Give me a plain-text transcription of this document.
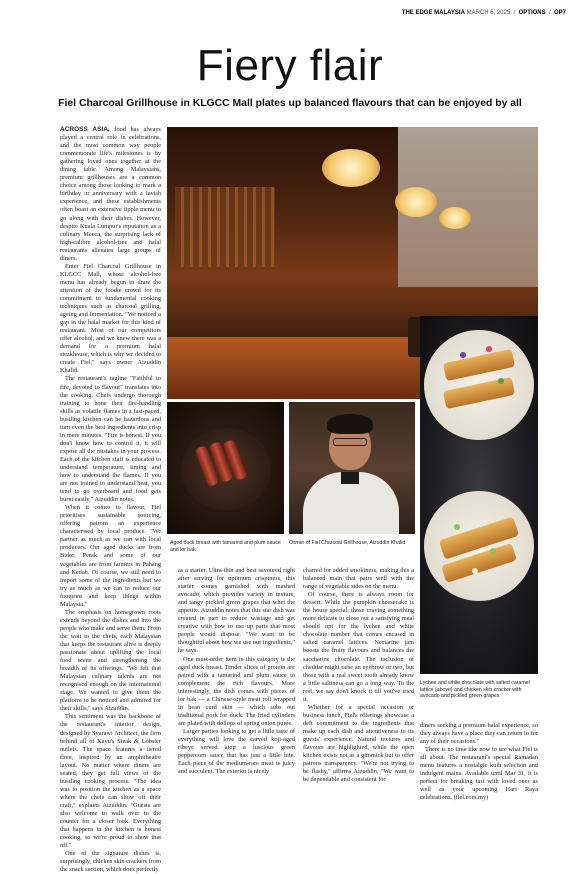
THE EDGE MALAYSIA MARCH 6, 2025  /  OPTIONS  /  OP7
Fiery flair
Fiel Charcoal Grillhouse in KLGCC Mall plates up balanced flavours that can be enjoyed by all

ACROSS ASIA, food has always played a central role in celebrations, and the most common way people commemorate life's milestones is by gathering loved ones together at the dining table. Among Malaysians, premium grillhouses are a common choice among those looking to mark a birthday or anniversary with a lavish experience, and these establishments often boast an extensive tipple menu to go along with their dishes. However, despite Kuala Lumpur's reputation as a culinary Mecca, the surprising lack of high-calibre alcohol-free and halal restaurants alienates large groups of diners.

Enter Fiel Charcoal Grillhouse in KLGCC Mall, whose alcohol-free menu has already begun to draw the attention of the foodie crowd for its commitment to fundamental cooking techniques such as charcoal grilling, ageing and fermentation. "We noticed a gap in the halal market for this kind of restaurant. Most of our competitors offer alcohol, and we knew there was a demand for a premium halal steakhouse, which is why we decided to create Fiel," says owner Aizuddin Khalid.

The restaurant's tagline "Faithful to fire, devoted to flavour" translates into the cooking. Chefs undergo thorough training to hone their fire-handling skills as volatile flames in a fast-paced, bustling kitchen can be hazardous and turn even the best ingredients into crisp in mere minutes. "Fire is honest. If you don't know how to control it, it will expose all the mistakes in your process. Each of the kitchen staff is educated to understand temperature, timing and how to understand the flames. If you are not trained to understand heat, you tend to go overboard and food gets burnt easily," Aizuddin notes.

When it comes to flavour, Fiel prioritises sustainable sourcing, offering patrons an experience characterised by local produce. "We partner as much as we can with local producers. Our aged ducks are from Bidor, Perak and some of our vegetables are from farmers in Pahang and Kedah. Of course, we still need to import some of the ingredients but we try as much as we can to reduce our footprint and keep things within Malaysia."

The emphasis on homegrown roots extends beyond the dishes and into the people who make and serve them. From the wait to the chefs, each Malaysian that keeps the restaurant alive is deeply passionate about uplifting the local food scene and strengthening the breadth of its offerings. "We felt that Malaysian culinary talents are not recognised enough on the international stage. We wanted to give them the platform to be noticed and admired for their skills," says Aizuddin.

This sentiment was the backbone of the restaurant's interior design, designed by Syarawi Architect, the firm behind all of Kayu's Steak & Lobster outlets. The space features a tiered floor, inspired by an amphitheatre layout. No matter where diners are seated, they get full views of the bustling cooking process. "The idea was to position the kitchen as a space where the chefs can show off their craft," explains Aizuddin. "Guests are also welcome to walk over to the counter for a closer look. Everything that happens in the kitchen is honest cooking, so we're proud to show that off."

One of the signature dishes is, surprisingly, chicken skin crackers from the snack section, which does perfectly

Aged duck breast with tamarind and plum sauce and lor bak
Owner of Fiel Charcoal Grillhouse, Aizuddin Khalid
Lychee and white chocolate with salted caramel lattice (above) and chicken skin cracker with avocado and pickled green grapes

as a starter. Ultra-thin and best savoured right after serving for optimum crispiness, this starter comes garnished with mashed avocado, which provides variety in texture, and tangy pickled green grapes that whet the appetite. Aizuddin notes that this star dish was created in part to reduce wastage and get creative with how to use up parts that most people would dispose. "We want to be thoughtful about how we use our ingredients," he says.

One must-order item in this category is the aged duck breast. Tender slices of protein are paired with a tamarind and plum sauce to complement the rich flavours. More interestingly, the dish comes with pieces of lor bak — a Chinese-style meat roll wrapped in bean curd skin — which subs out traditional pork for duck. The fried cylinders are plated with dollops of spring onion purée.

Larger parties looking to get a little taste of everything will love the carved koji-aged ribeye served atop a luscious green peppercorn sauce that has just a little bite. Each piece of the medium-rare meat is juicy and succulent. The exterior is nicely

charred for added smokiness, making this a balanced main that pairs well with the range of vegetable sides on the menu.

Of course, there is always room for dessert. While the pumpkin cheesecake is the house special, those craving something more delicate to close out a satisfying meal should opt for the lychee and white chocolate number that comes encased in salted caramel lattices. Nectarine jam boosts the fruity flavours and balances the saccharine chocolate. The inclusion of cheddar might raise an eyebrow or two, but those with a real sweet tooth already know a little saltiness can go a long way. To the rest, we say don't knock it till you've tried it.

Whether for a special occasion or business lunch, Fiel's offerings showcase a deft commitment to the ingredients that make up each dish and attentiveness to its guests' experience. Natural textures and flavours are highlighted, while the open kitchen exists not as a gimmick but to offer patrons transparency. "We're not trying to be flashy," affirms Aizuddin. "We want to be dependable and consistent for

diners seeking a premium halal experience, so they always have a place they can return to for any of their occasions."

There is no time like now to see what Fiel is all about. The restaurant's special Ramadan menu features a nostalgic kuih selection and indulgent mains. Available until Mar 31, it is perfect for breaking fast with loved ones as well as your upcoming Hari Raya celebrations. (fiel.com.my)
